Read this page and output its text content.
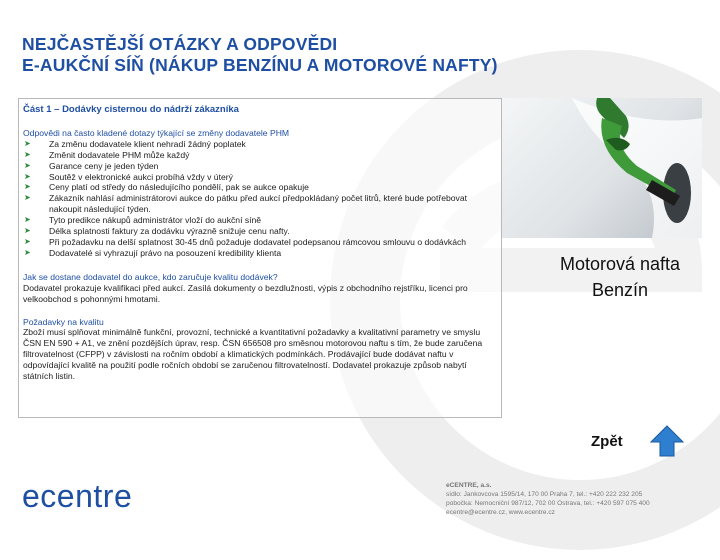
NEJČASTĚJŠÍ OTÁZKY A ODPOVĚDI
E-AUKČNÍ SÍŇ (NÁKUP BENZÍNU A MOTOROVÉ NAFTY)
Část 1 – Dodávky cisternou do nádrží zákazníka
Odpovědi na často kladené dotazy týkající se změny dodavatele PHM
➤ Za změnu dodavatele klient nehradí žádný poplatek
➤ Změnit dodavatele PHM může každý
➤ Garance ceny je jeden týden
➤ Soutěž v elektronické aukci probíhá vždy v úterý
➤ Ceny platí od středy do následujícího pondělí, pak se aukce opakuje
➤ Zákazník nahlásí administrátorovi aukce do pátku před aukcí předpokládaný počet litrů, které bude potřebovat nakoupit následující týden.
➤ Tyto predikce nákupů administrátor vloží do aukční síně
➤ Délka splatnosti faktury za dodávku výrazně snižuje cenu nafty.
➤ Při požadavku na delší splatnost 30-45 dnů požaduje dodavatel podepsanou rámcovou smlouvu o dodávkách
➤ Dodavatelé si vyhrazují právo na posouzení kredibility klienta
Jak se dostane dodavatel do aukce, kdo zaručuje kvalitu dodávek?
Dodavatel prokazuje kvalifikaci před aukcí. Zasílá dokumenty o bezdlužnosti, výpis z obchodního rejstříku, licenci pro velkoobchod s pohonnými hmotami.
Požadavky na kvalitu
Zboží musí splňovat minimálně funkční, provozní, technické a kvantitativní požadavky a kvalitativní parametry ve smyslu ČSN EN 590 + A1, ve znění pozdějších úprav, resp. ČSN 656508 pro směsnou motorovou naftu s tím, že bude zaručena filtrovatelnost (CFPP) v závislosti na ročním období a klimatických podmínkách. Prodávající bude dodávat naftu v odpovídající kvalitě na použití podle ročních období se zaručenou filtrovatelností. Dodavatel prokazuje způsob nabytí státních listin.
Motorová nafta
Benzín
Zpět
ecentre	eCENTRE, a.s.
sídlo: Jankovcova 1595/14, 170 00 Praha 7, tel.: +420 222 232 205
pobočka: Nemocniční 987/12, 702 00 Ostrava, tel.: +420 597 075 400
ecentre@ecentre.cz, www.ecentre.cz
